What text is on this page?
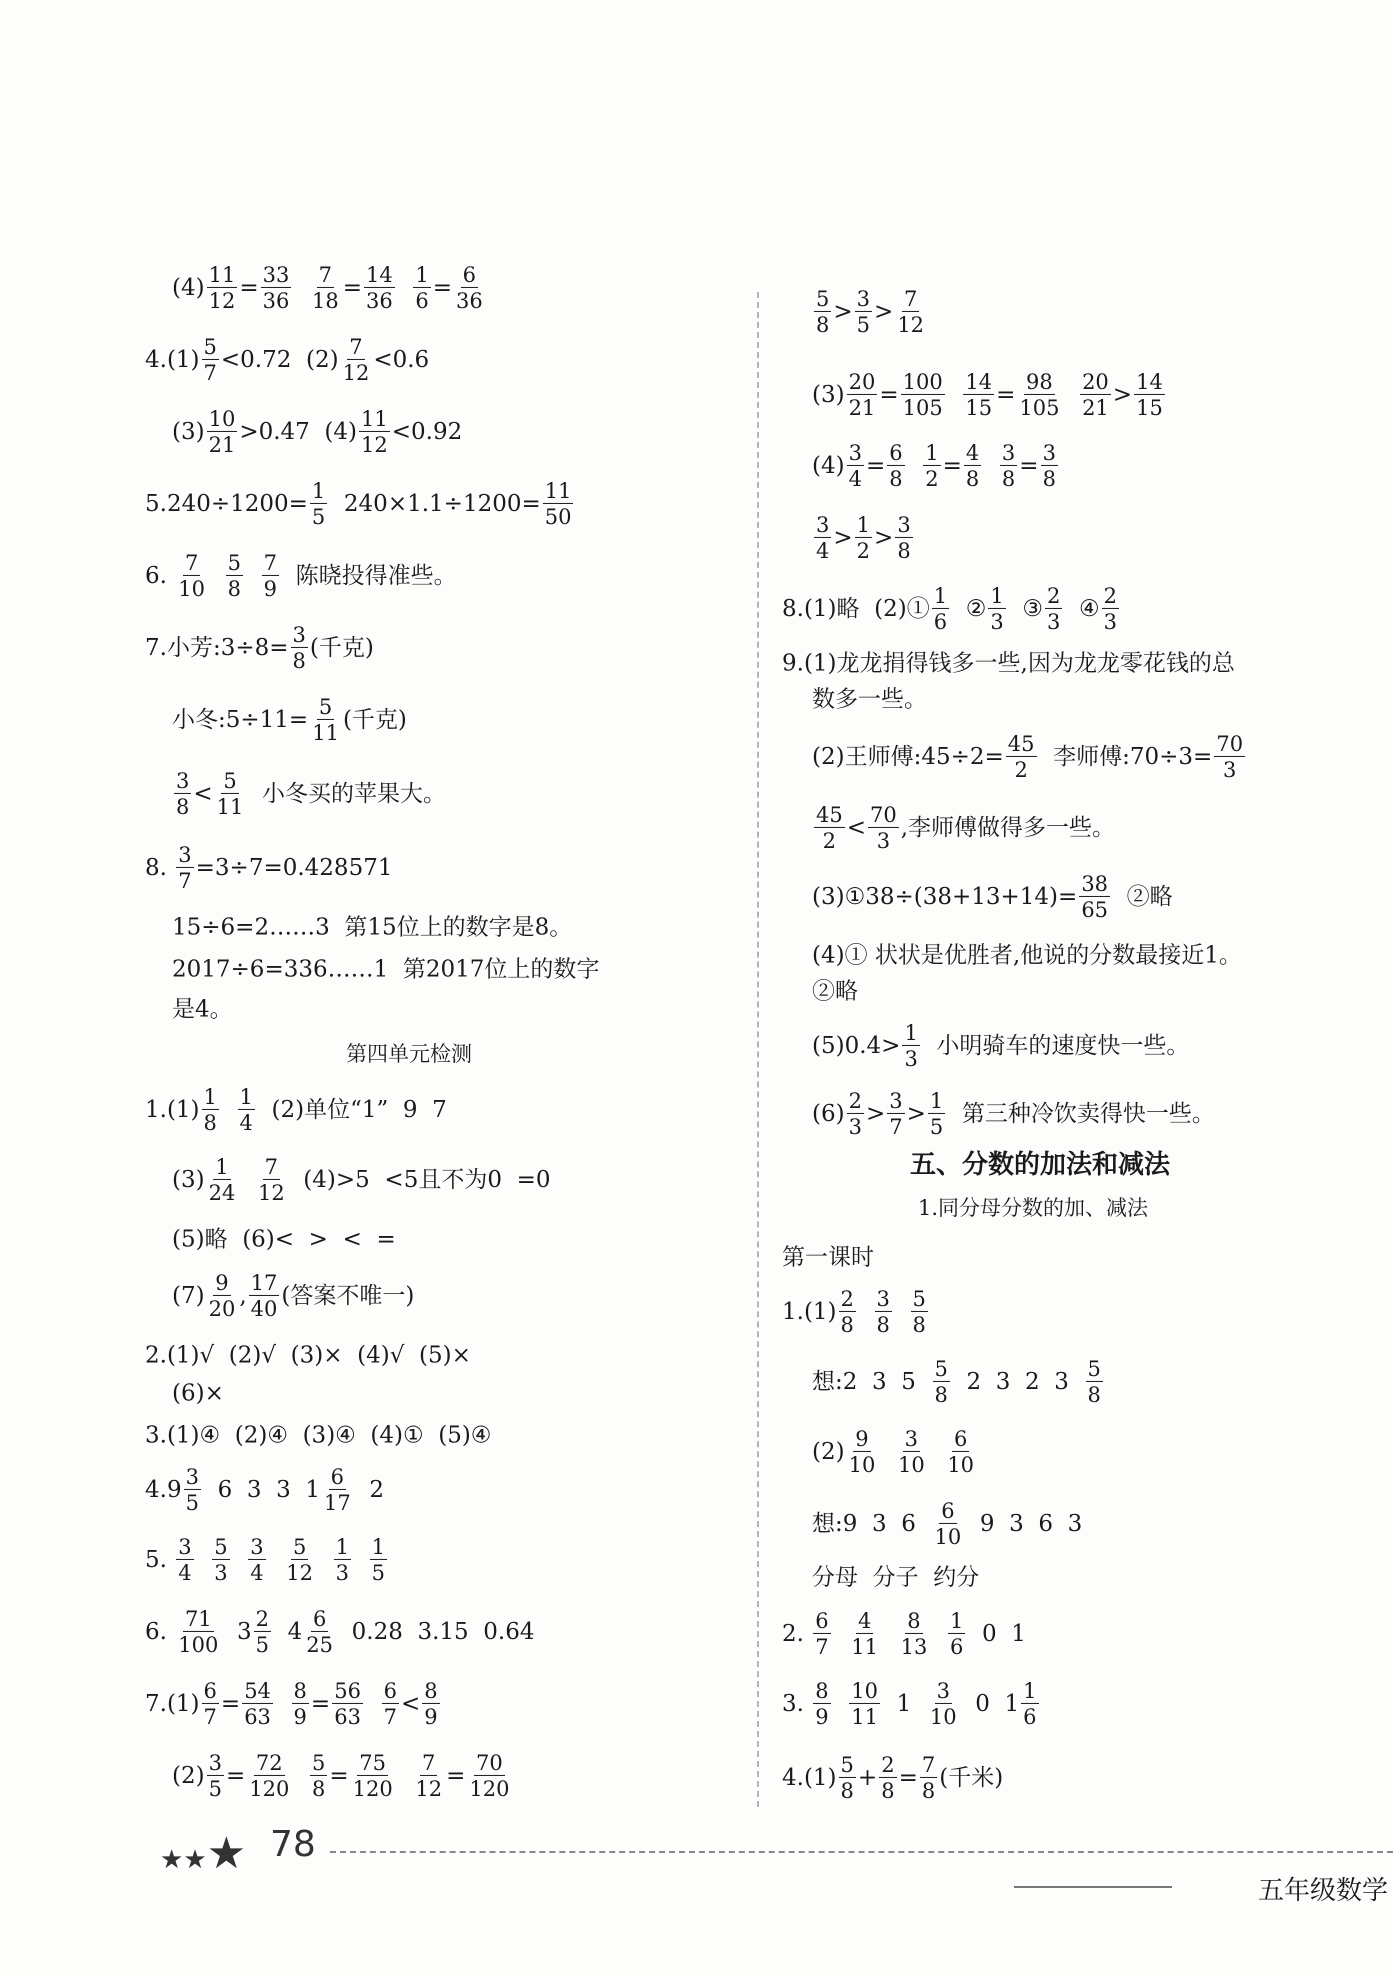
$(4) \frac{11}{12} = \frac{33}{36}$
$\frac{7}{18} = \frac{14}{36}$
$\frac{1}{6} = \frac{6}{36}$
$4.(1) \frac{5}{7} <0.72$  $(2) \frac{7}{12} <0.6$
$(3) \frac{10}{21} >0.47$  $(4) \frac{11}{12} <0.92$
$5.240\div 1200= \frac{1}{5} 240\times 1.1\div 1200= \frac{11}{50}$
6. $\frac{7}{10}$
$\frac{5}{8}$
$\frac{7}{9}$ 陈晓投得准些。
7.小芳:3÷8= $\frac{3}{8}$ (千克)
小冬:5÷11= $\frac{5}{11}$ (千克)
$\frac{3}{8} < \frac{5}{11}$ 小冬买的苹果大。
8. $\frac{3}{7} =3\div 7=0.428571$
15÷6=2……3  第15位上的数字是8。
2017÷6=336……1  第2017位上的数字
是4。
$1.(1) \frac{1}{8}$
$\frac{1}{4} (2)$单位“1”  9  7
$(3) \frac{1}{24}$
$\frac{7}{12} (4)>5 <5$且不为0  =0
(5)略  (6)<  >  <  =
$(7) \frac{9}{20}$ , $\frac{17}{40}$ (答案不唯一)
2.(1)√  (2)√  (3)×  (4)√  (5)×
(6)×
3.(1)④  (2)④  (3)④  (4)①  (5)④
$4.9 \frac{3}{5} 6$  3  3  $1 \frac{6}{17} 2$
5. $\frac{3}{4}$
$\frac{5}{3}$
$\frac{3}{4}$
$\frac{5}{12}$
$\frac{1}{3}$
$\frac{1}{5}$
6. $\frac{71}{100} 3 \frac{2}{5} 4 \frac{6}{25} 0.28$  3.15  0.64
$7.(1) \frac{6}{7} = \frac{54}{63}$
$\frac{8}{9} = \frac{56}{63}$
$\frac{6}{7} < \frac{8}{9}$
$(2) \frac{3}{5} = \frac{72}{120}$
$\frac{5}{8} = \frac{75}{120}$
$\frac{7}{12} = \frac{70}{120}$
$\frac{5}{8} > \frac{3}{5} > \frac{7}{12}$
$(3) \frac{20}{21} = \frac{100}{105}$
$\frac{14}{15} = \frac{98}{105}$
$\frac{20}{21} > \frac{14}{15}$
$(4) \frac{3}{4} = \frac{6}{8}$
$\frac{1}{2} = \frac{4}{8}$
$\frac{3}{8} = \frac{3}{8}$
$\frac{3}{4} > \frac{1}{2} > \frac{3}{8}$
8.(1)略  (2)① $\frac{1}{6}$ ② $\frac{1}{3}$ ③ $\frac{2}{3}$ ④ $\frac{2}{3}$
9.(1)龙龙捐得钱多一些,因为龙龙零花钱的总
数多一些。
(2)王师傅:45÷2= $\frac{45}{2}$ 李师傅:70÷3= $\frac{70}{3}$
$\frac{45}{2} < \frac{70}{3}$ ,李师傅做得多一些。
(3)①38÷(38+13+14)= $\frac{38}{65}$ ②略
(4)① 状状是优胜者,他说的分数最接近1。
②略
$(5)0.4> \frac{1}{3}$ 小明骑车的速度快一些。
$(6) \frac{2}{3} > \frac{3}{7} > \frac{1}{5}$ 第三种冷饮卖得快一些。
第一课时
$1.(1) \frac{2}{8}$
$\frac{3}{8}$
$\frac{5}{8}$
想:2  3  $5 \frac{5}{8} 2$  3  2  $3 \frac{5}{8}$
$(2) \frac{9}{10}$
$\frac{3}{10}$
$\frac{6}{10}$
想:9  3  $6 \frac{6}{10} 9$  3  6  3
分母  分子  约分
2. $\frac{6}{7}$
$\frac{4}{11}$
$\frac{8}{13}$
$\frac{1}{6} 0$  1
3. $\frac{8}{9}$
$\frac{10}{11} 1 \frac{3}{10} 0$  $1 \frac{1}{6}$
$4.(1) \frac{5}{8} + \frac{2}{8} = \frac{7}{8}$ (千米)
第四单元检测
五、分数的加法和减法
1.同分母分数的加、减法
★★★ 78
五年级数学
